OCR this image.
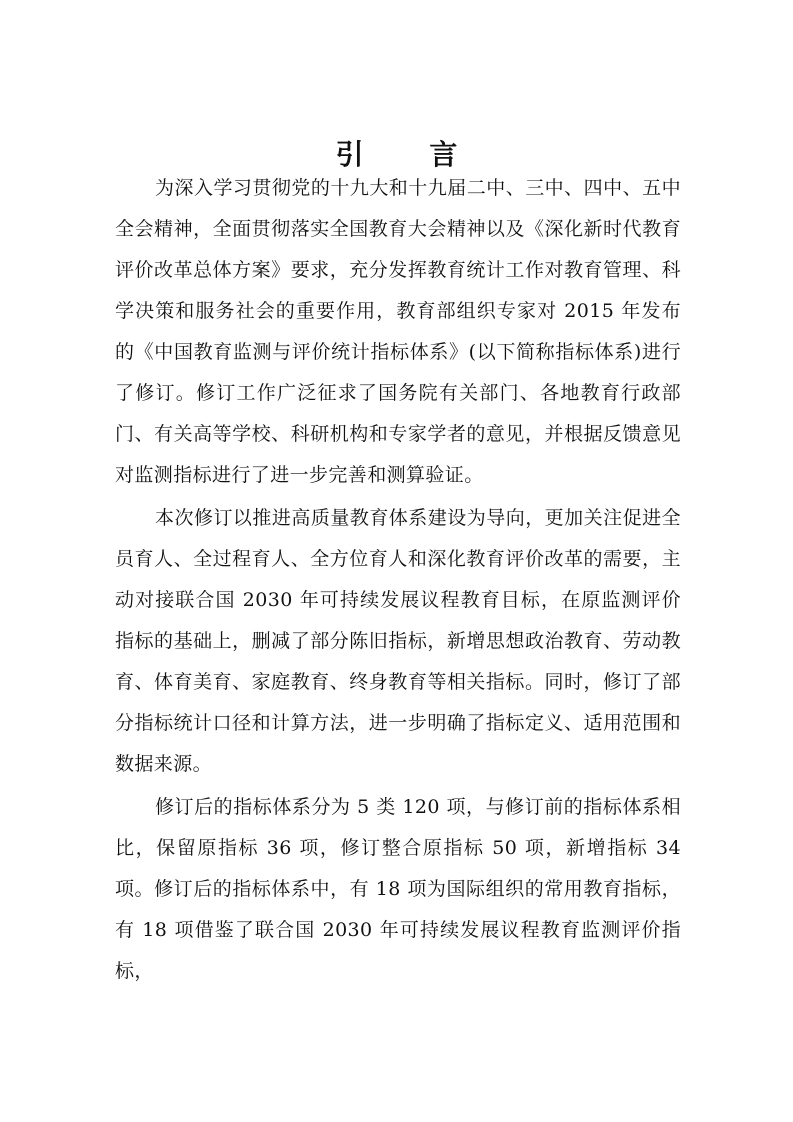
引 言

为深入学习贯彻党的十九大和十九届二中、三中、四中、五中全会精神，全面贯彻落实全国教育大会精神以及《深化新时代教育评价改革总体方案》要求，充分发挥教育统计工作对教育管理、科学决策和服务社会的重要作用，教育部组织专家对 2015 年发布的《中国教育监测与评价统计指标体系》(以下简称指标体系)进行了修订。修订工作广泛征求了国务院有关部门、各地教育行政部门、有关高等学校、科研机构和专家学者的意见，并根据反馈意见对监测指标进行了进一步完善和测算验证。

本次修订以推进高质量教育体系建设为导向，更加关注促进全员育人、全过程育人、全方位育人和深化教育评价改革的需要，主动对接联合国 2030 年可持续发展议程教育目标，在原监测评价指标的基础上，删减了部分陈旧指标，新增思想政治教育、劳动教育、体育美育、家庭教育、终身教育等相关指标。同时，修订了部分指标统计口径和计算方法，进一步明确了指标定义、适用范围和数据来源。

修订后的指标体系分为 5 类 120 项，与修订前的指标体系相比，保留原指标 36 项，修订整合原指标 50 项，新增指标 34 项。修订后的指标体系中，有 18 项为国际组织的常用教育指标，有 18 项借鉴了联合国 2030 年可持续发展议程教育监测评价指标，
